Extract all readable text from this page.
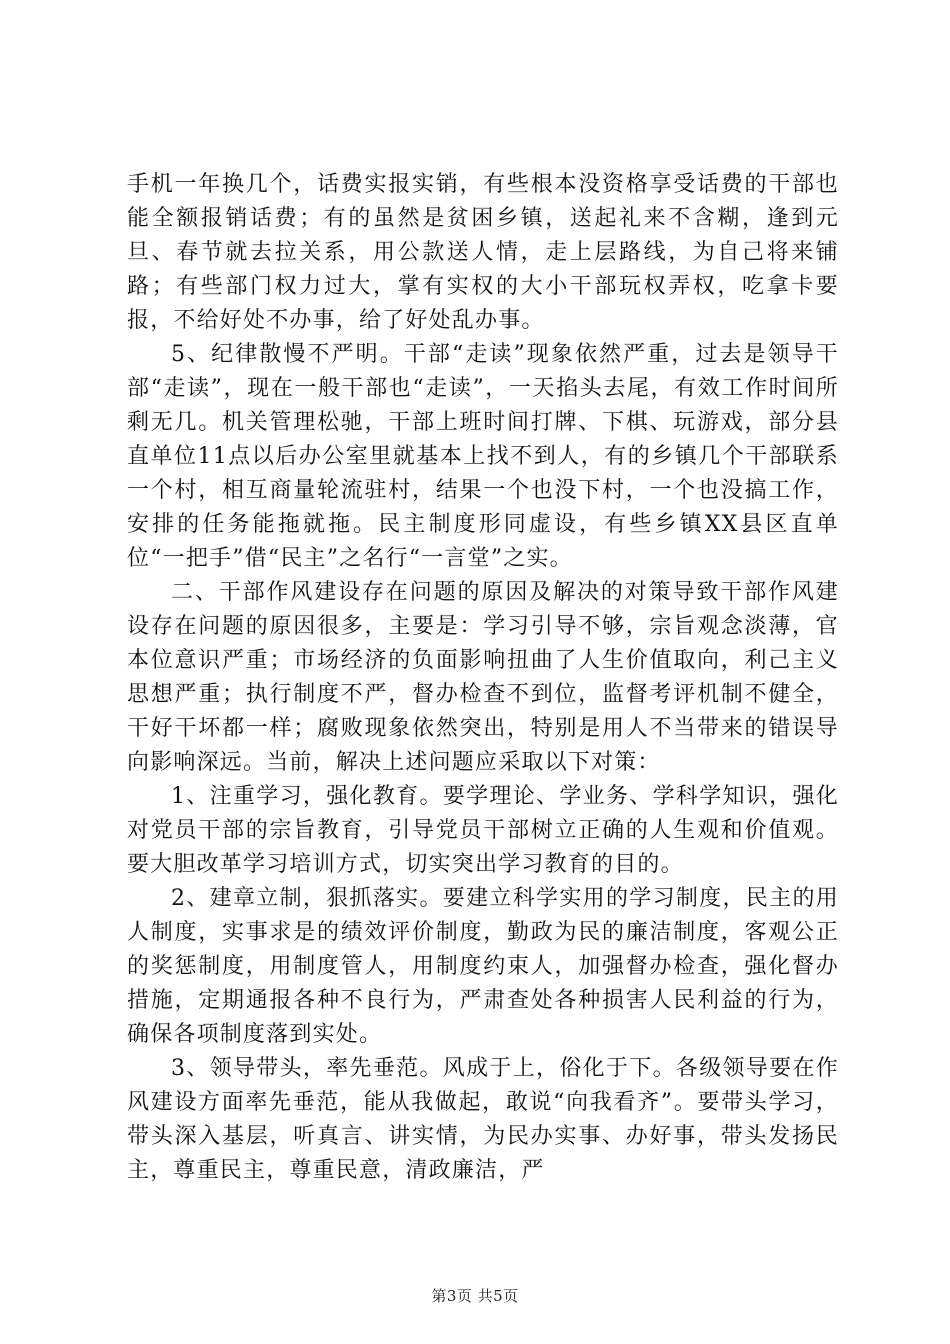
手机一年换几个，话费实报实销，有些根本没资格享受话费的干部也能全额报销话费；有的虽然是贫困乡镇，送起礼来不含糊，逢到元旦、春节就去拉关系，用公款送人情，走上层路线，为自己将来铺路；有些部门权力过大，掌有实权的大小干部玩权弄权，吃拿卡要报，不给好处不办事，给了好处乱办事。

5、纪律散慢不严明。干部“走读”现象依然严重，过去是领导干部“走读”，现在一般干部也“走读”，一天掐头去尾，有效工作时间所剩无几。机关管理松驰，干部上班时间打牌、下棋、玩游戏，部分县直单位11点以后办公室里就基本上找不到人，有的乡镇几个干部联系一个村，相互商量轮流驻村，结果一个也没下村，一个也没搞工作，安排的任务能拖就拖。民主制度形同虚设，有些乡镇XX县区直单位“一把手”借“民主”之名行“一言堂”之实。

二、干部作风建设存在问题的原因及解决的对策导致干部作风建设存在问题的原因很多，主要是：学习引导不够，宗旨观念淡薄，官本位意识严重；市场经济的负面影响扭曲了人生价值取向，利己主义思想严重；执行制度不严，督办检查不到位，监督考评机制不健全，干好干坏都一样；腐败现象依然突出，特别是用人不当带来的错误导向影响深远。当前，解决上述问题应采取以下对策：

1、注重学习，强化教育。要学理论、学业务、学科学知识，强化对党员干部的宗旨教育，引导党员干部树立正确的人生观和价值观。要大胆改革学习培训方式，切实突出学习教育的目的。

2、建章立制，狠抓落实。要建立科学实用的学习制度，民主的用人制度，实事求是的绩效评价制度，勤政为民的廉洁制度，客观公正的奖惩制度，用制度管人，用制度约束人，加强督办检查，强化督办措施，定期通报各种不良行为，严肃查处各种损害人民利益的行为，确保各项制度落到实处。

3、领导带头，率先垂范。风成于上，俗化于下。各级领导要在作风建设方面率先垂范，能从我做起，敢说“向我看齐”。要带头学习，带头深入基层，听真言、讲实情，为民办实事、办好事，带头发扬民主，尊重民主，尊重民意，清政廉洁，严

第3页 共5页
